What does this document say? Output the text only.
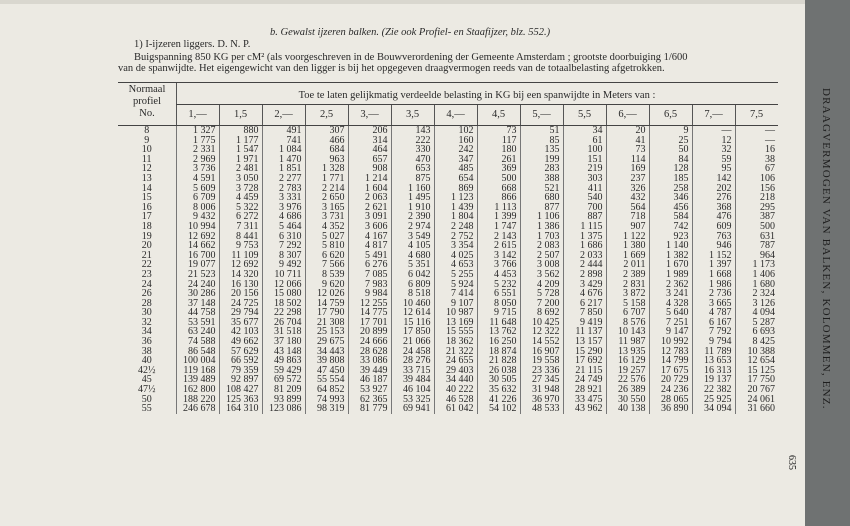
b. Gewalst ijzeren balken. (Zie ook Profiel- en Staafijzer, blz. 552.)
1) I-ijzeren liggers. D. N. P.
Buigspanning 850 KG per cM² (als voorgeschreven in de Bouwverordening der Gemeente Amsterdam ; grootste doorbuiging 1/600
van de spanwijdte. Het eigengewicht van den ligger is bij het opgegeven draagvermogen reeds van de totaalbelasting afgetrokken.
Normaal
profiel
No.
Toe te laten gelijkmatig verdeelde belasting in KG bij een spanwijdte in Meters van :
1,—	1,5	2,—	2,5	3,—	3,5	4,—	4,5	5,—	5,5	6,—	6,5	7,—	7,5
8	1 327	880	491	307	206	143	102	73	51	34	20	9	—	—
9	1 775	1 177	741	466	314	222	160	117	85	61	41	25	12	—
10	2 331	1 547	1 084	684	464	330	242	180	135	100	73	50	32	16
11	2 969	1 971	1 470	963	657	470	347	261	199	151	114	84	59	38
12	3 736	2 481	1 851	1 328	908	653	485	369	283	219	169	128	95	67
13	4 591	3 050	2 277	1 771	1 214	875	654	500	388	303	237	185	142	106
14	5 609	3 728	2 783	2 214	1 604	1 160	869	668	521	411	326	258	202	156
15	6 709	4 459	3 331	2 650	2 063	1 495	1 123	866	680	540	432	346	276	218
16	8 006	5 322	3 976	3 165	2 621	1 910	1 439	1 113	877	700	564	456	368	295
17	9 432	6 272	4 686	3 731	3 091	2 390	1 804	1 399	1 106	887	718	584	476	387
18	10 994	7 311	5 464	4 352	3 606	2 974	2 248	1 747	1 386	1 115	907	742	609	500
19	12 692	8 441	6 310	5 027	4 167	3 549	2 752	2 143	1 703	1 375	1 122	923	763	631
20	14 662	9 753	7 292	5 810	4 817	4 105	3 354	2 615	2 083	1 686	1 380	1 140	946	787
21	16 700	11 109	8 307	6 620	5 491	4 680	4 025	3 142	2 507	2 033	1 669	1 382	1 152	964
22	19 077	12 692	9 492	7 566	6 276	5 351	4 653	3 766	3 008	2 444	2 011	1 670	1 397	1 173
23	21 523	14 320	10 711	8 539	7 085	6 042	5 255	4 453	3 562	2 898	2 389	1 989	1 668	1 406
24	24 240	16 130	12 066	9 620	7 983	6 809	5 924	5 232	4 209	3 429	2 831	2 362	1 986	1 680
26	30 286	20 156	15 080	12 026	9 984	8 518	7 414	6 551	5 728	4 676	3 872	3 241	2 736	2 324
28	37 148	24 725	18 502	14 759	12 255	10 460	9 107	8 050	7 200	6 217	5 158	4 328	3 665	3 126
30	44 758	29 794	22 298	17 790	14 775	12 614	10 987	9 715	8 692	7 850	6 707	5 640	4 787	4 094
32	53 591	35 677	26 704	21 308	17 701	15 116	13 169	11 648	10 425	9 419	8 576	7 251	6 167	5 287
34	63 240	42 103	31 518	25 153	20 899	17 850	15 555	13 762	12 322	11 137	10 143	9 147	7 792	6 693
36	74 588	49 662	37 180	29 675	24 666	21 066	18 362	16 250	14 552	13 157	11 987	10 992	9 794	8 425
38	86 548	57 629	43 148	34 443	28 628	24 458	21 322	18 874	16 907	15 290	13 935	12 783	11 789	10 388
40	100 004	66 592	49 863	39 808	33 086	28 276	24 655	21 828	19 558	17 692	16 129	14 799	13 653	12 654
42½	119 168	79 359	59 429	47 450	39 449	33 715	29 403	26 038	23 336	21 115	19 257	17 675	16 313	15 125
45	139 489	92 897	69 572	55 554	46 187	39 484	34 440	30 505	27 345	24 749	22 576	20 729	19 137	17 750
47½	162 800	108 427	81 209	64 852	53 927	46 104	40 222	35 632	31 948	28 921	26 389	24 236	22 382	20 767
50	188 220	125 363	93 899	74 993	62 365	53 325	46 528	41 226	36 970	33 475	30 550	28 065	25 925	24 061
55	246 678	164 310	123 086	98 319	81 779	69 941	61 042	54 102	48 533	43 962	40 138	36 890	34 094	31 660
635
DRAAGVERMOGEN VAN BALKEN, KOLOMMEN, ENZ.
